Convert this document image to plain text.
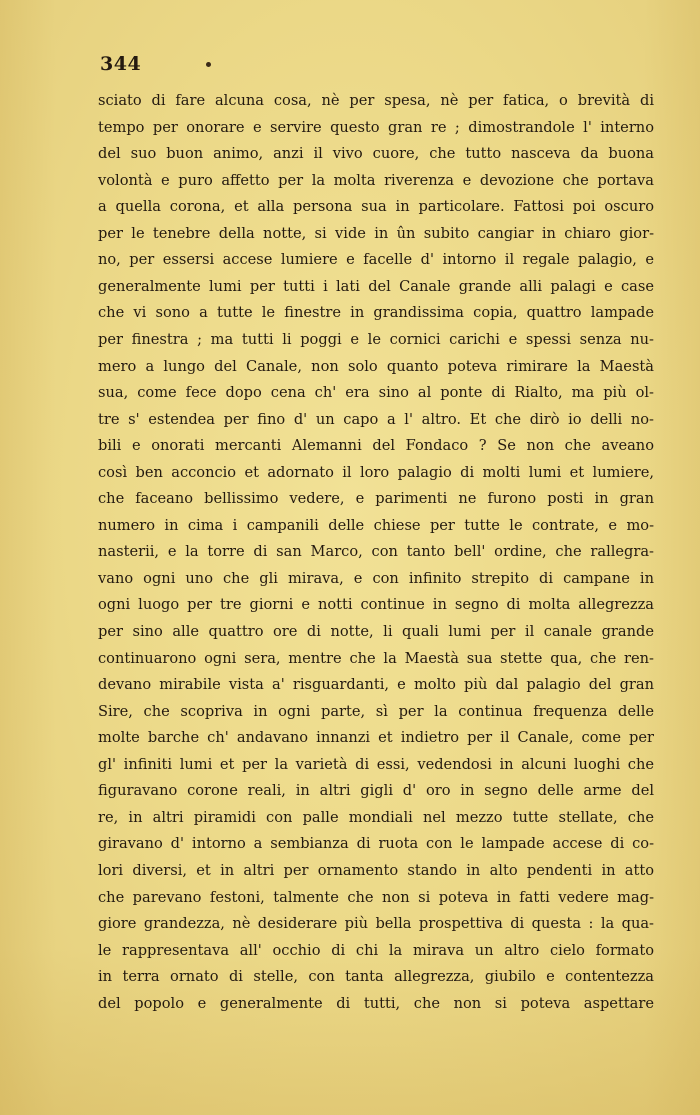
344
sciato di fare alcuna cosa, nè per spesa, nè per fatica, o brevità di
tempo per onorare e servire questo gran re ; dimostrandole l' interno
del suo buon animo, anzi il vivo cuore, che tutto nasceva da buona
volontà e puro affetto per la molta riverenza e devozione che portava
a quella corona, et alla persona sua in particolare. Fattosi poi oscuro
per le tenebre della notte, si vide in ûn subito cangiar in chiaro gior-
no, per essersi accese lumiere e facelle d' intorno il regale palagio, e
generalmente lumi per tutti i lati del Canale grande alli palagi e case
che vi sono a tutte le finestre in grandissima copia, quattro lampade
per finestra ; ma tutti li poggi e le cornici carichi e spessi senza nu-
mero a lungo del Canale, non solo quanto poteva rimirare la Maestà
sua, come fece dopo cena ch' era sino al ponte di Rialto, ma più ol-
tre s' estendea per fino d' un capo a l' altro. Et che dirò io delli no-
bili e onorati mercanti Alemanni del Fondaco ? Se non che aveano
così ben acconcio et adornato il loro palagio di molti lumi et lumiere,
che faceano bellissimo vedere, e parimenti ne furono posti in gran
numero in cima i campanili delle chiese per tutte le contrate, e mo-
nasterii, e la torre di san Marco, con tanto bell' ordine, che rallegra-
vano ogni uno che gli mirava, e con infinito strepito di campane in
ogni luogo per tre giorni e notti continue in segno di molta allegrezza
per sino alle quattro ore di notte, li quali lumi per il canale grande
continuarono ogni sera, mentre che la Maestà sua stette qua, che ren-
devano mirabile vista a' risguardanti, e molto più dal palagio del gran
Sire, che scopriva in ogni parte, sì per la continua frequenza delle
molte barche ch' andavano innanzi et indietro per il Canale, come per
gl' infiniti lumi et per la varietà di essi, vedendosi in alcuni luoghi che
figuravano corone reali, in altri gigli d' oro in segno delle arme del
re, in altri piramidi con palle mondiali nel mezzo tutte stellate, che
giravano d' intorno a sembianza di ruota con le lampade accese di co-
lori diversi, et in altri per ornamento stando in alto pendenti in atto
che parevano festoni, talmente che non si poteva in fatti vedere mag-
giore grandezza, nè desiderare più bella prospettiva di questa : la qua-
le rappresentava all' occhio di chi la mirava un altro cielo formato
in terra ornato di stelle, con tanta allegrezza, giubilo e contentezza
del popolo e generalmente di tutti, che non si poteva aspettare
